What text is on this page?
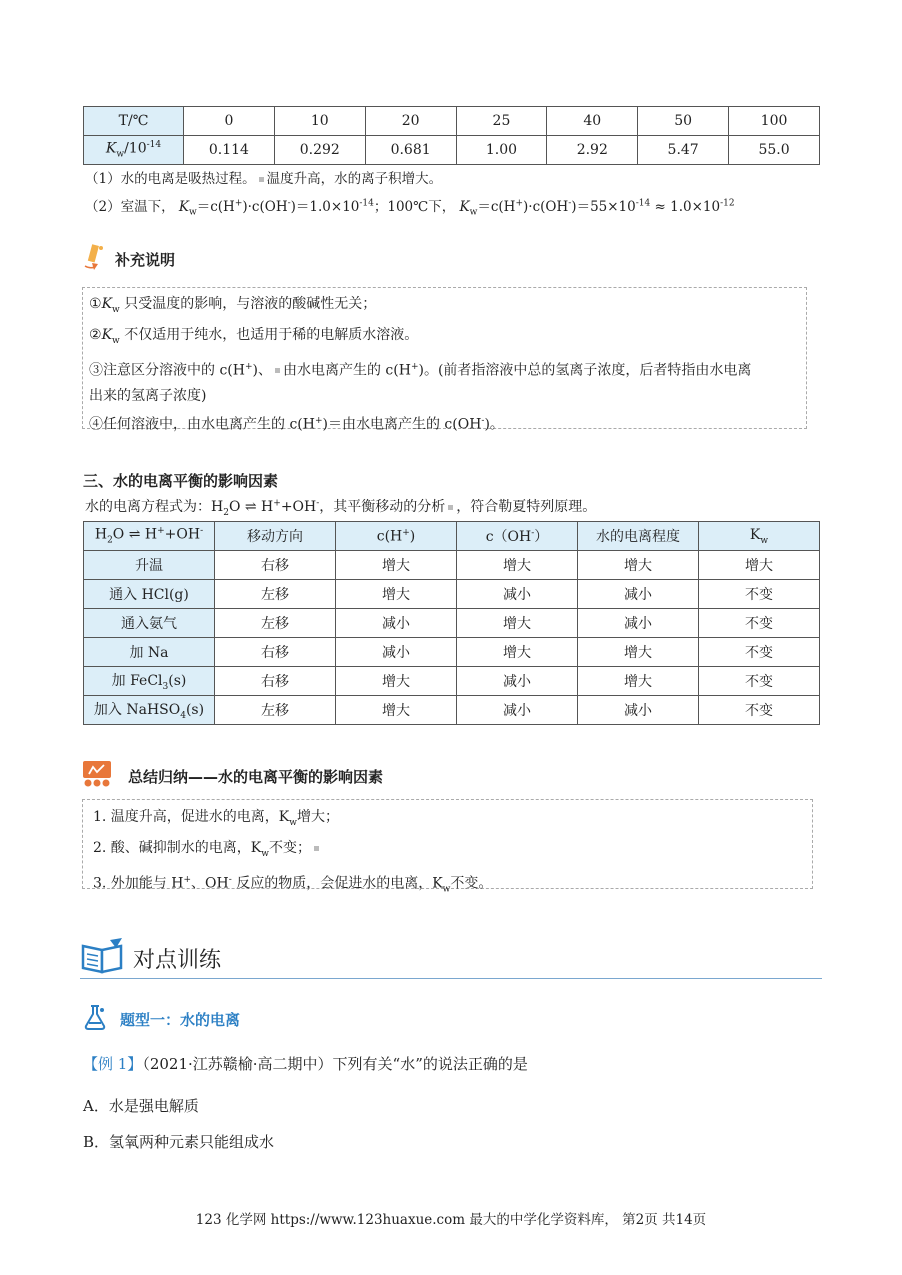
T/℃	0	10	20	25	40	50	100
$K_w/10^{-14}$	0.114	0.292	0.681	1.00	2.92	5.47	55.0
（1）水的电离是吸热过程。 温度升高，水的离子积增大。
（2）室温下， $K_w=c(H^+)\cdot c(OH^-)=1.0\times 10^{-14}$；100℃下， $K_w=c(H^+)\cdot c(OH^-)=55\times 10^{-14} \approx 1.0\times 10^{-12}$
补充说明

$①K_w$ 只受温度的影响，与溶液的酸碱性无关；

$②K_w$ 不仅适用于纯水，也适用于稀的电解质水溶液。

③注意区分溶液中的 c(H+)、 由水电离产生的 c(H+)。(前者指溶液中总的氢离子浓度，后者特指由水电离

出来的氢离子浓度)

④任何溶液中，由水电离产生的 c(H+)＝由水电离产生的 c(OH-)。

三、水的电离平衡的影响因素
水的电离方程式为：$H_2O$ ⇌ H++OH-，其平衡移动的分析 ，符合勒夏特列原理。
$H_2O$ ⇌ H++OH-	移动方向	c(H+)	c（OH-）	水的电离程度	$K_w$
升温	右移	增大	增大	增大	增大
通入 HCl(g)	左移	增大	减小	减小	不变
通入氨气	左移	减小	增大	减小	不变
加 Na	右移	减小	增大	增大	不变
加 FeCl$_3$(s)	右移	增大	减小	增大	不变
加入 NaHSO$_4$(s)	左移	增大	减小	减小	不变
总结归纳——水的电离平衡的影响因素

1. 温度升高，促进水的电离，$K_w$增大；

2. 酸、碱抑制水的电离，$K_w$不变；

3. 外加能与 H+、OH- 反应的物质，会促进水的电离，$K_w$不变。

对点训练
题型一：水的电离
【例 1】（2021·江苏赣榆·高二期中）下列有关“水”的说法正确的是
A．水是强电解质
B．氢氧两种元素只能组成水
123 化学网 https://www.123huaxue.com 最大的中学化学资料库， 第2页 共14页
